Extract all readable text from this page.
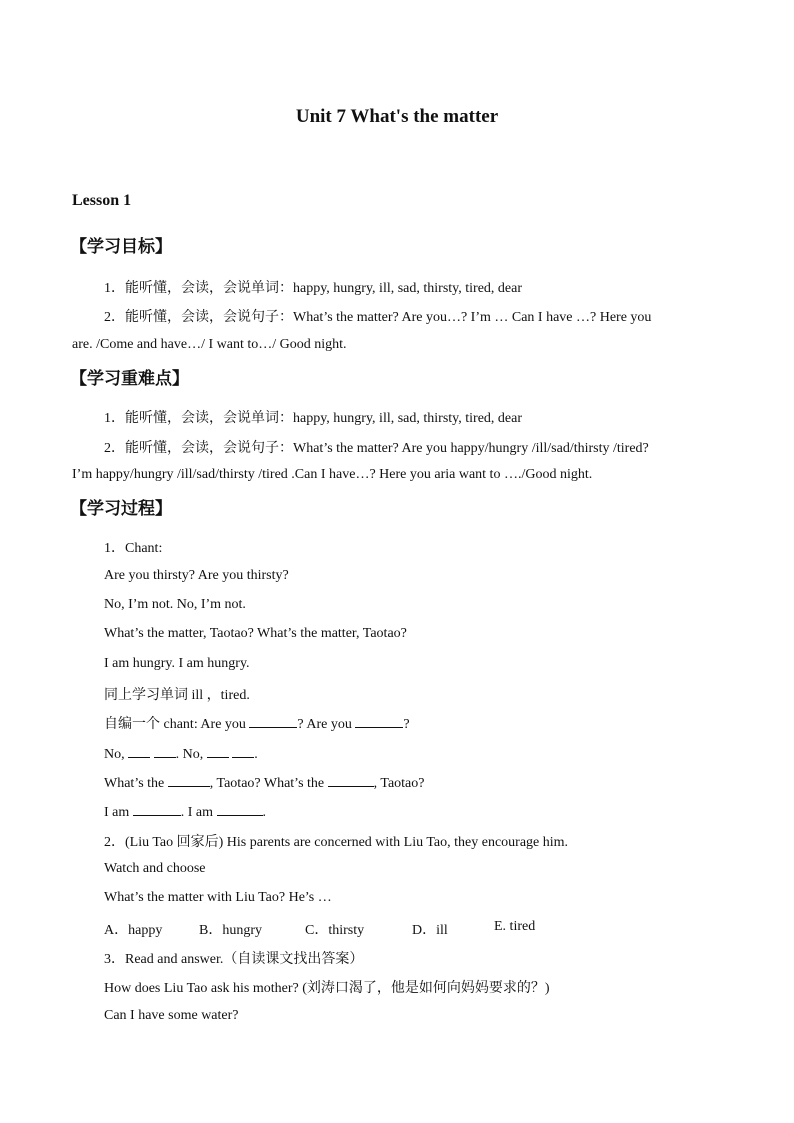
Unit 7 What's the matter
Lesson 1
【学习目标】
1．能听懂，会读，会说单词：happy, hungry, ill, sad, thirsty, tired, dear
2．能听懂，会读，会说句子：What’s the matter? Are you…? I’m … Can I have …? Here you
are. /Come and have…/ I want to…/ Good night.
【学习重难点】
1．能听懂，会读，会说单词：happy, hungry, ill, sad, thirsty, tired, dear
2．能听懂，会读，会说句子：What’s the matter? Are you happy/hungry /ill/sad/thirsty /tired?
I’m happy/hungry /ill/sad/thirsty /tired .Can I have…? Here you aria want to …./Good night.
【学习过程】
1．Chant:
Are you thirsty? Are you thirsty?
No, I’m not. No, I’m not.
What’s the matter, Taotao? What’s the matter, Taotao?
I am hungry. I am hungry.
同上学习单词 ill ，tired.
自编一个 chant: Are you	? Are you	?
No,	. No,	.
What’s the	, Taotao? What’s the	, Taotao?
I am	. I am	.
2．(Liu Tao 回家后) His parents are concerned with Liu Tao, they encourage him.
Watch and choose
What’s the matter with Liu Tao? He’s …
A．happy	B．hungry	C．thirsty	D．ill	E. tired
3．Read and answer.（自读课文找出答案）
How does Liu Tao ask his mother? (刘涛口渴了，他是如何向妈妈要求的？)
Can I have some water?
